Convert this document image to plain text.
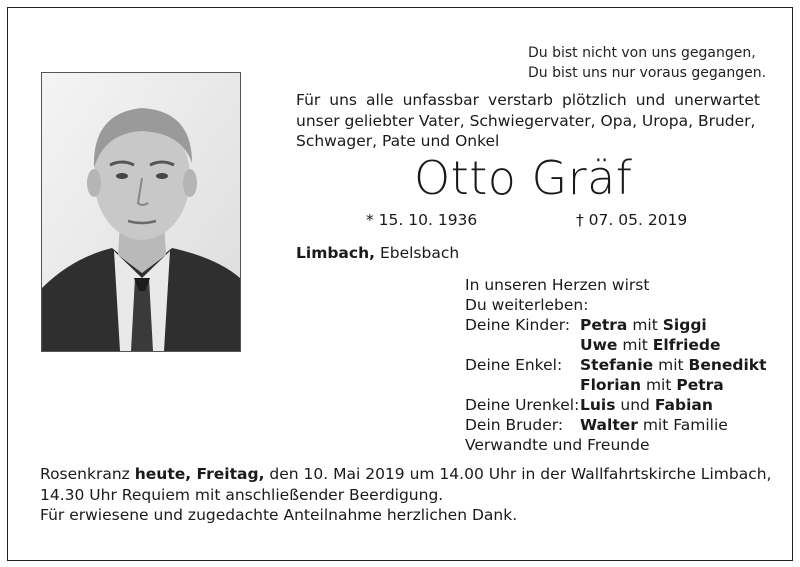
Du bist nicht von uns gegangen,
Du bist uns nur voraus gegangen.
Für uns alle unfassbar verstarb plötzlich und unerwartet unser geliebter Vater, Schwiegervater, Opa, Uropa, Bruder,
Schwager, Pate und Onkel
Otto Gräf
* 15. 10. 1936	† 07. 05. 2019
Limbach, Ebelsbach
In unseren Herzen wirst
Du weiterleben:
Deine Kinder: Petra mit Siggi
Uwe mit Elfriede
Deine Enkel: Stefanie mit Benedikt
Florian mit Petra
Deine Urenkel: Luis und Fabian
Dein Bruder: Walter mit Familie
Verwandte und Freunde
Rosenkranz heute, Freitag, den 10. Mai 2019 um 14.00 Uhr in der Wallfahrtskirche Limbach,
14.30 Uhr Requiem mit anschließender Beerdigung.
Für erwiesene und zugedachte Anteilnahme herzlichen Dank.
